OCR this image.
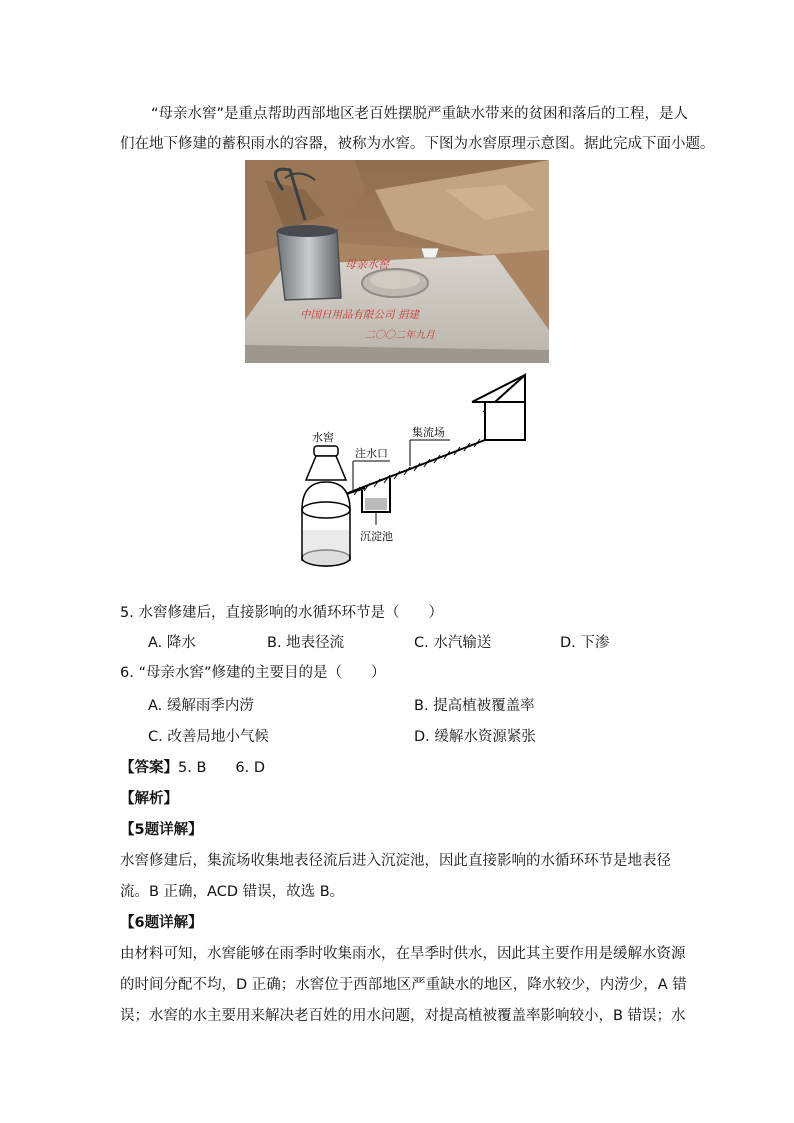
“母亲水窖”是重点帮助西部地区老百姓摆脱严重缺水带来的贫困和落后的工程，是人
们在地下修建的蓄积雨水的容器，被称为水窖。下图为水窖原理示意图。据此完成下面小题。
母亲水窖
中国日用品有限公司 捐建
二〇〇二年九月
集流场
注水口
沉淀池
水窖
5. 水窖修建后，直接影响的水循环环节是（　　）
A. 降水	B. 地表径流	C. 水汽输送	D. 下渗
6. “母亲水窖”修建的主要目的是（　　）
A. 缓解雨季内涝	B. 提高植被覆盖率
C. 改善局地小气候	D. 缓解水资源紧张
【答案】5. B　　6. D
【解析】
【5题详解】
水窖修建后，集流场收集地表径流后进入沉淀池，因此直接影响的水循环环节是地表径
流。B 正确，ACD 错误，故选 B。
【6题详解】
由材料可知，水窖能够在雨季时收集雨水，在旱季时供水，因此其主要作用是缓解水资源
的时间分配不均，D 正确；水窖位于西部地区严重缺水的地区，降水较少，内涝少，A 错
误；水窖的水主要用来解决老百姓的用水问题，对提高植被覆盖率影响较小，B 错误；水
